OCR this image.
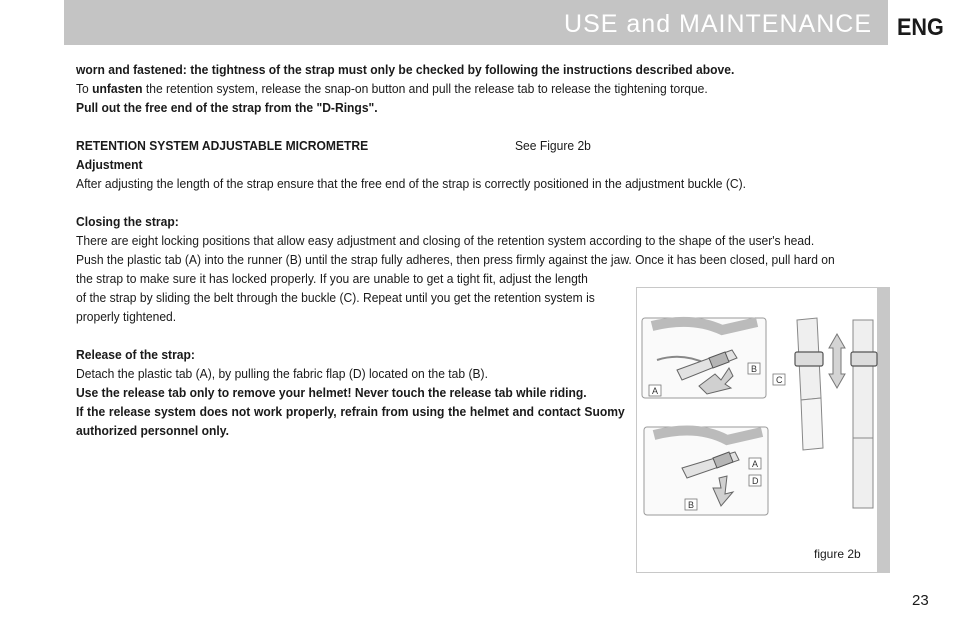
USE and MAINTENANCE ENG

worn and fastened: the tightness of the strap must only be checked by following the instructions described above.

To unfasten the retention system, release the snap-on button and pull the release tab to release the tightening torque.

Pull out the free end of the strap from the "D-Rings".

RETENTION SYSTEM ADJUSTABLE MICROMETRE	See Figure 2b

Adjustment

After adjusting the length of the strap ensure that the free end of the strap is correctly positioned in the adjustment buckle (C).

Closing the strap:

There are eight locking positions that allow easy adjustment and closing of the retention system according to the shape of the user's head.

Push the plastic tab (A) into the runner (B) until the strap fully adheres, then press firmly against the jaw. Once it has been closed, pull hard on

the strap to make sure it has locked properly. If you are unable to get a tight fit, adjust the length

of the strap by sliding the belt through the buckle (C). Repeat until you get the retention system is

properly tightened.

Release of the strap:

Detach the plastic tab (A), by pulling the fabric flap (D) located on the tab (B).

Use the release tab only to remove your helmet! Never touch the release tab while riding.

If the release system does not work properly, refrain from using the helmet and contact Suomy authorized personnel only.

B
A
A
D
B
C
figure 2b
23
